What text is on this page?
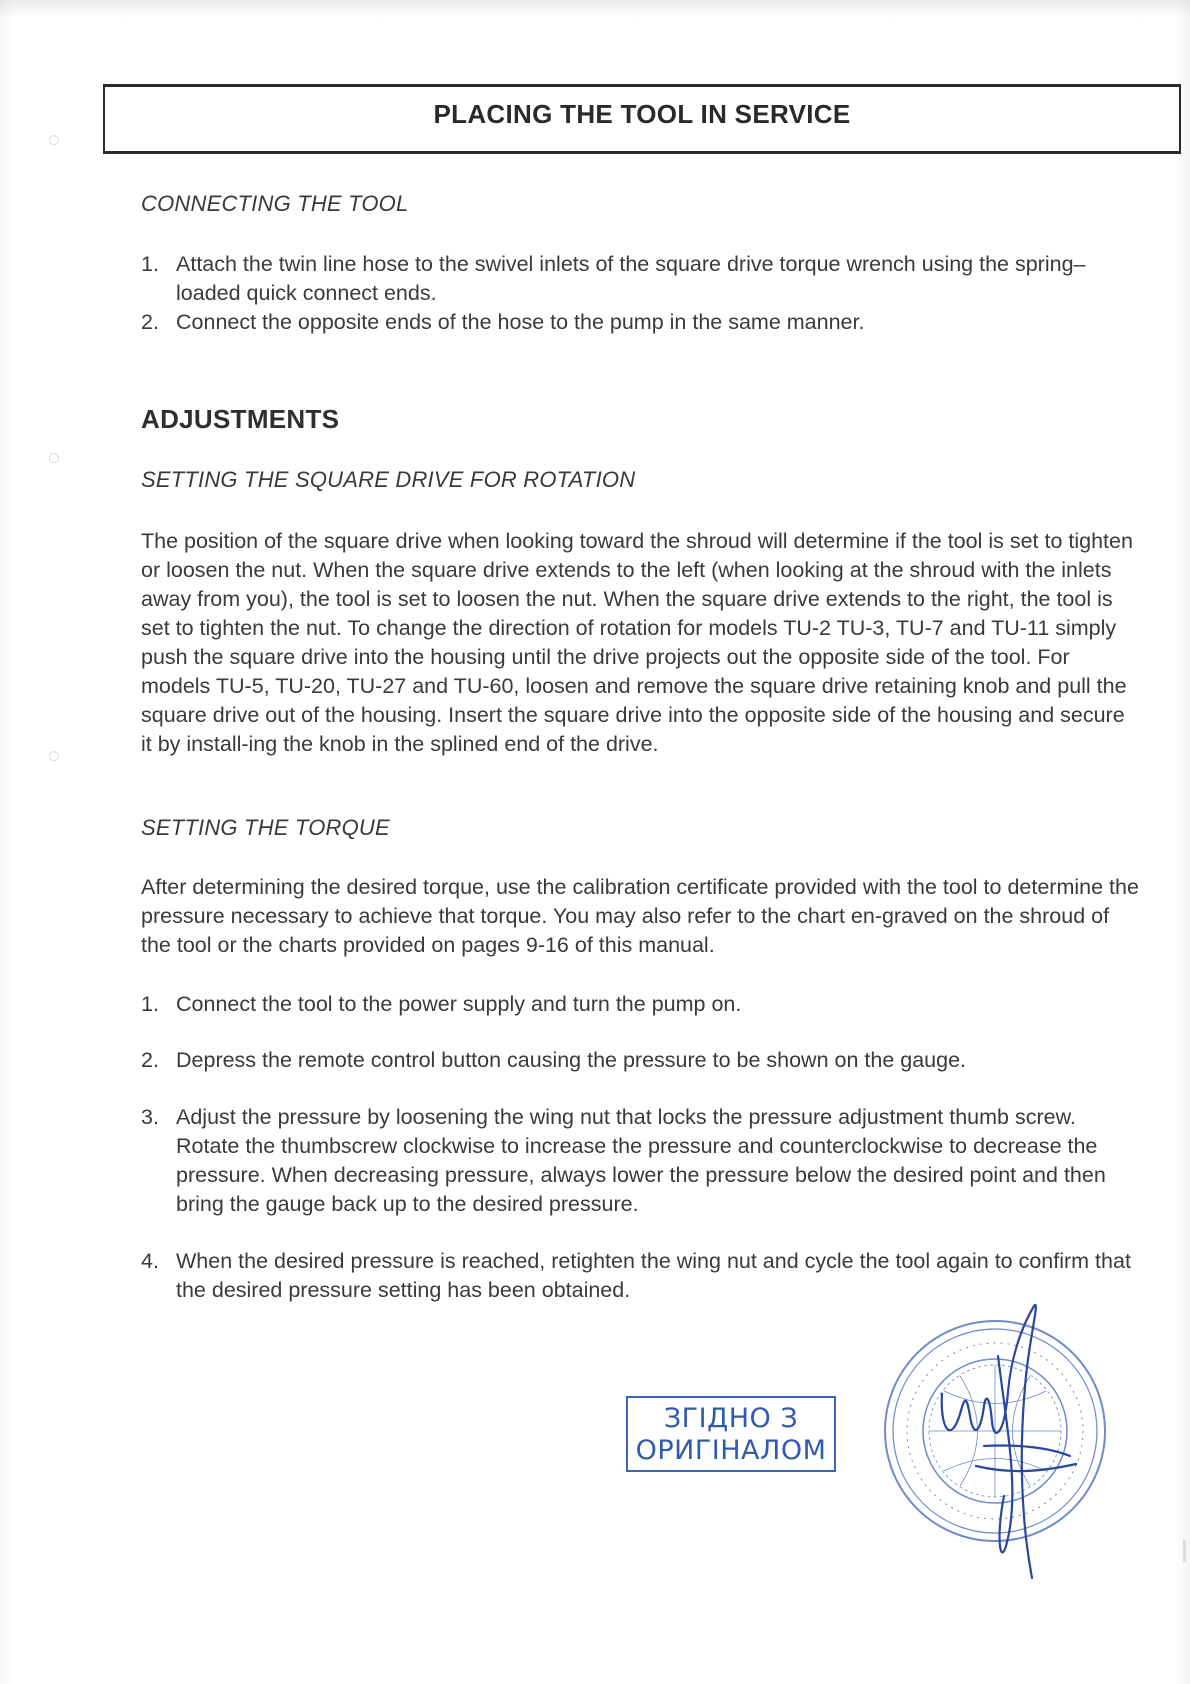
◌
◌
◌
PLACING THE TOOL IN SERVICE
CONNECTING THE TOOL
1. Attach the twin line hose to the swivel inlets of the square drive torque wrench using the spring–loaded quick connect ends.
2. Connect the opposite ends of the hose to the pump in the same manner.
ADJUSTMENTS
SETTING THE SQUARE DRIVE FOR ROTATION
The position of the square drive when looking toward the shroud will determine if the tool is set to tighten or loosen the nut. When the square drive extends to the left (when looking at the shroud with the inlets away from you), the tool is set to loosen the nut. When the square drive extends to the right, the tool is set to tighten the nut. To change the direction of rotation for models TU-2 TU-3, TU-7 and TU-11 simply push the square drive into the housing until the drive projects out the opposite side of the tool. For models TU-5, TU-20, TU-27 and TU-60, loosen and remove the square drive retaining knob and pull the square drive out of the housing. Insert the square drive into the opposite side of the housing and secure it by install-ing the knob in the splined end of the drive.
SETTING THE TORQUE
After determining the desired torque, use the calibration certificate provided with the tool to determine the pressure necessary to achieve that torque. You may also refer to the chart en-graved on the shroud of the tool or the charts provided on pages 9-16 of this manual.
1. Connect the tool to the power supply and turn the pump on.
2. Depress the remote control button causing the pressure to be shown on the gauge.
3. Adjust the pressure by loosening the wing nut that locks the pressure adjustment thumb screw. Rotate the thumbscrew clockwise to increase the pressure and counterclockwise to decrease the pressure. When decreasing pressure, always lower the pressure below the desired point and then bring the gauge back up to the desired pressure.
4. When the desired pressure is reached, retighten the wing nut and cycle the tool again to confirm that the desired pressure setting has been obtained.
ЗГІДНО З
ОРИГІНАЛОМ
